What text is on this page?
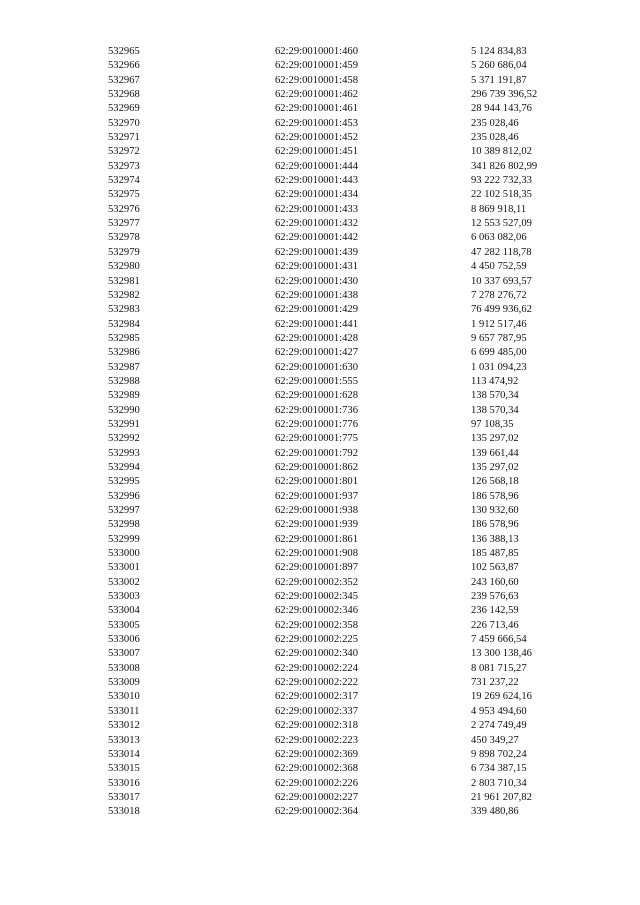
532965	62:29:0010001:460	5 124 834,83
532966	62:29:0010001:459	5 260 686,04
532967	62:29:0010001:458	5 371 191,87
532968	62:29:0010001:462	296 739 396,52
532969	62:29:0010001:461	28 944 143,76
532970	62:29:0010001:453	235 028,46
532971	62:29:0010001:452	235 028,46
532972	62:29:0010001:451	10 389 812,02
532973	62:29:0010001:444	341 826 802,99
532974	62:29:0010001:443	93 222 732,33
532975	62:29:0010001:434	22 102 518,35
532976	62:29:0010001:433	8 869 918,11
532977	62:29:0010001:432	12 553 527,09
532978	62:29:0010001:442	6 063 082,06
532979	62:29:0010001:439	47 282 118,78
532980	62:29:0010001:431	4 450 752,59
532981	62:29:0010001:430	10 337 693,57
532982	62:29:0010001:438	7 278 276,72
532983	62:29:0010001:429	76 499 936,62
532984	62:29:0010001:441	1 912 517,46
532985	62:29:0010001:428	9 657 787,95
532986	62:29:0010001:427	6 699 485,00
532987	62:29:0010001:630	1 031 094,23
532988	62:29:0010001:555	113 474,92
532989	62:29:0010001:628	138 570,34
532990	62:29:0010001:736	138 570,34
532991	62:29:0010001:776	97 108,35
532992	62:29:0010001:775	135 297,02
532993	62:29:0010001:792	139 661,44
532994	62:29:0010001:862	135 297,02
532995	62:29:0010001:801	126 568,18
532996	62:29:0010001:937	186 578,96
532997	62:29:0010001:938	130 932,60
532998	62:29:0010001:939	186 578,96
532999	62:29:0010001:861	136 388,13
533000	62:29:0010001:908	185 487,85
533001	62:29:0010001:897	102 563,87
533002	62:29:0010002:352	243 160,60
533003	62:29:0010002:345	239 576,63
533004	62:29:0010002:346	236 142,59
533005	62:29:0010002:358	226 713,46
533006	62:29:0010002:225	7 459 666,54
533007	62:29:0010002:340	13 300 138,46
533008	62:29:0010002:224	8 081 715,27
533009	62:29:0010002:222	731 237,22
533010	62:29:0010002:317	19 269 624,16
533011	62:29:0010002:337	4 953 494,60
533012	62:29:0010002:318	2 274 749,49
533013	62:29:0010002:223	450 349,27
533014	62:29:0010002:369	9 898 702,24
533015	62:29:0010002:368	6 734 387,15
533016	62:29:0010002:226	2 803 710,34
533017	62:29:0010002:227	21 961 207,82
533018	62:29:0010002:364	339 480,86
